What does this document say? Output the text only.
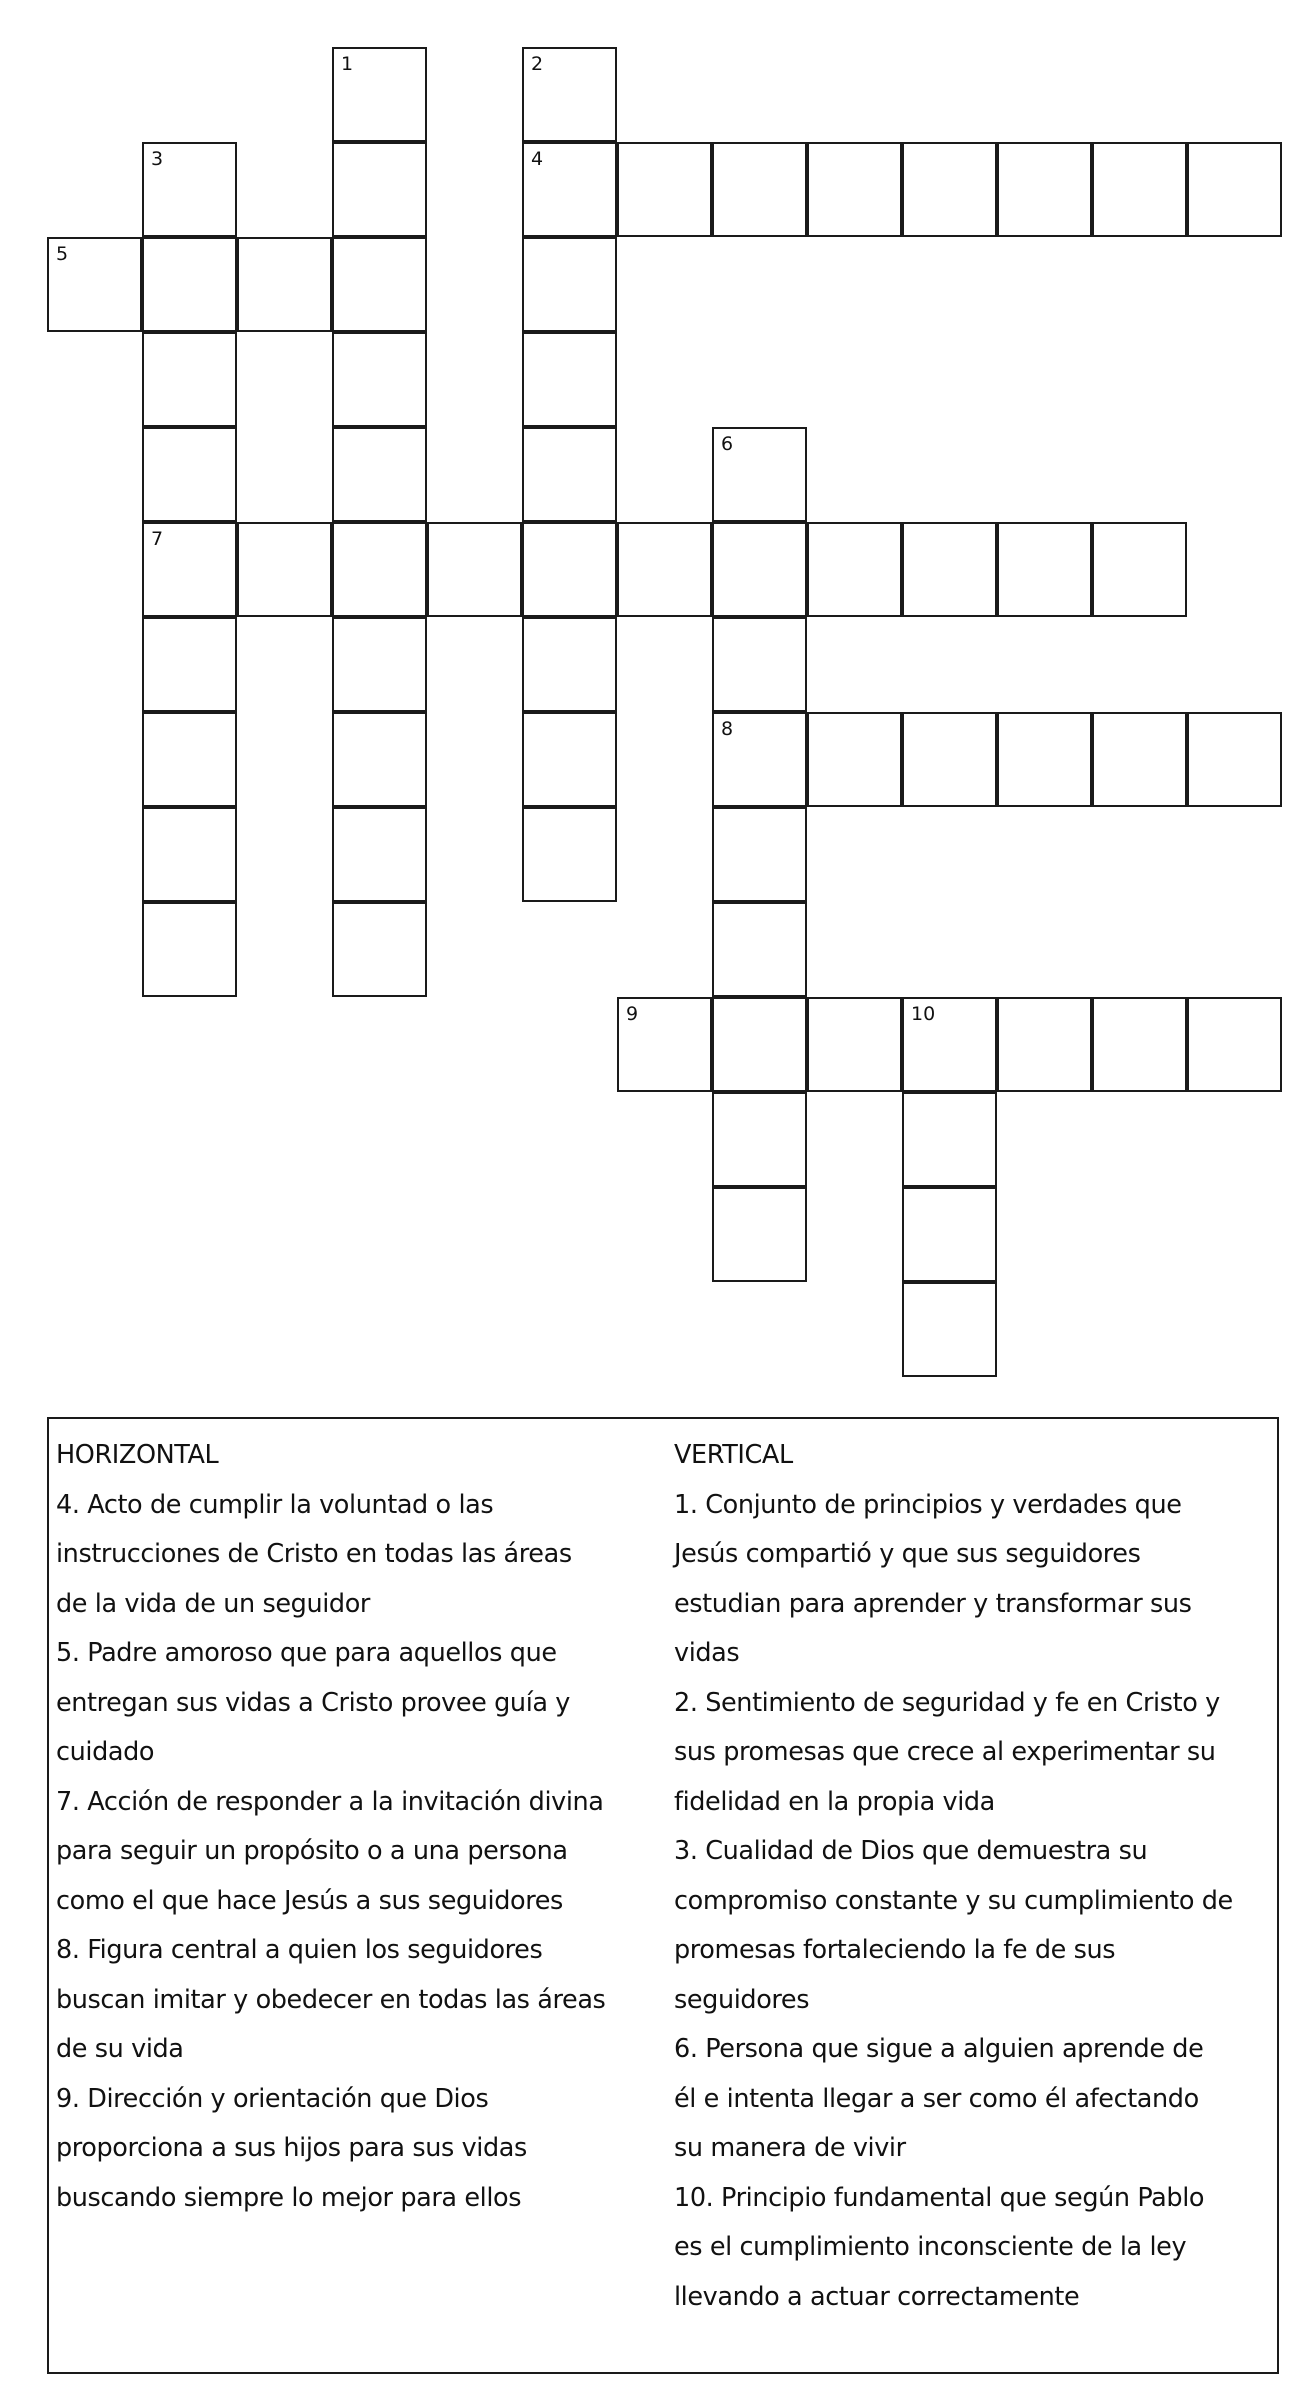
4
5
7
8
9	10
1	2
3
6
HORIZONTAL
4. Acto de cumplir la voluntad o las
instrucciones de Cristo en todas las áreas
de la vida de un seguidor
5. Padre amoroso que para aquellos que
entregan sus vidas a Cristo provee guía y
cuidado
7. Acción de responder a la invitación divina
para seguir un propósito o a una persona
como el que hace Jesús a sus seguidores
8. Figura central a quien los seguidores
buscan imitar y obedecer en todas las áreas
de su vida
9. Dirección y orientación que Dios
proporciona a sus hijos para sus vidas
buscando siempre lo mejor para ellos
VERTICAL
1. Conjunto de principios y verdades que
Jesús compartió y que sus seguidores
estudian para aprender y transformar sus
vidas
2. Sentimiento de seguridad y fe en Cristo y
sus promesas que crece al experimentar su
fidelidad en la propia vida
3. Cualidad de Dios que demuestra su
compromiso constante y su cumplimiento de
promesas fortaleciendo la fe de sus
seguidores
6. Persona que sigue a alguien aprende de
él e intenta llegar a ser como él afectando
su manera de vivir
10. Principio fundamental que según Pablo
es el cumplimiento inconsciente de la ley
llevando a actuar correctamente
